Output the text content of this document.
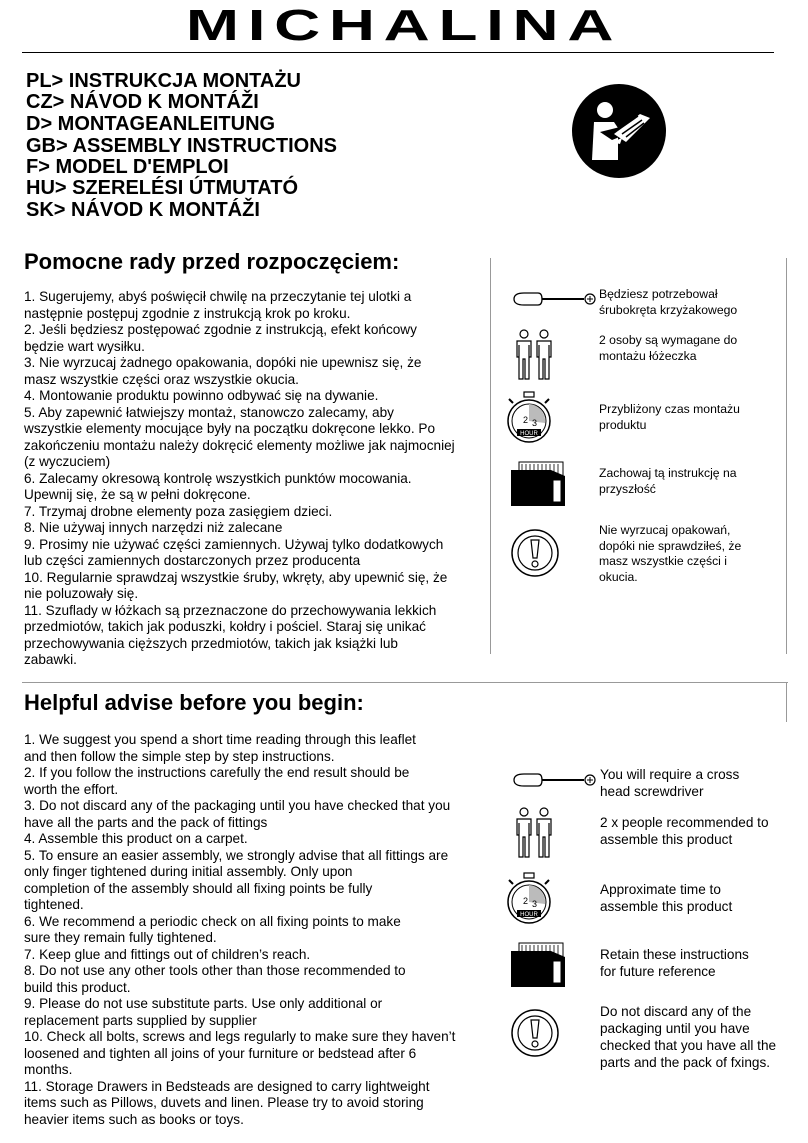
MICHALINA
PL> INSTRUKCJA MONTAŻU
CZ> NÁVOD K MONTÁŽI
D> MONTAGEANLEITUNG
GB> ASSEMBLY INSTRUCTIONS
F> MODEL D'EMPLOI
HU> SZERELÉSI ÚTMUTATÓ
SK> NÁVOD K MONTÁŽI
Pomocne rady przed rozpoczęciem:
1. Sugerujemy, abyś poświęcił chwilę na przeczytanie tej ulotki a
następnie postępuj zgodnie z instrukcją krok po kroku.
2. Jeśli będziesz postępować zgodnie z instrukcją, efekt końcowy
będzie wart wysiłku.
3. Nie wyrzucaj żadnego opakowania, dopóki nie upewnisz się, że
masz wszystkie części oraz wszystkie okucia.
4. Montowanie produktu powinno odbywać się na dywanie.
5. Aby zapewnić łatwiejszy montaż, stanowczo zalecamy, aby
wszystkie elementy mocujące były na początku dokręcone lekko. Po
zakończeniu montażu należy dokręcić elementy możliwe jak najmocniej
(z wyczuciem)
6. Zalecamy okresową kontrolę wszystkich punktów mocowania.
Upewnij się, że są w pełni dokręcone.
7. Trzymaj drobne elementy poza zasięgiem dzieci.
8. Nie używaj innych narzędzi niż zalecane
9. Prosimy nie używać części zamiennych. Używaj tylko dodatkowych
lub części zamiennych dostarczonych przez producenta
10. Regularnie sprawdzaj wszystkie śruby, wkręty, aby upewnić się, że
nie poluzowały się.
11. Szuflady w łóżkach są przeznaczone do przechowywania lekkich
przedmiotów, takich jak poduszki, kołdry i pościel. Staraj się unikać
przechowywania cięższych przedmiotów, takich jak książki lub
zabawki.
Będziesz potrzebował
śrubokręta krzyżakowego
2 osoby są wymagane do
montażu łóżeczka
2 3
HOUR
Przybliżony czas montażu
produktu
Zachowaj tą instrukcję na
przyszłość
Nie wyrzucaj opakowań,
dopóki nie sprawdziłeś, że
masz wszystkie części i
okucia.
Helpful advise before you begin:
1. We suggest you spend a short time reading through this leaflet
and then follow the simple step by step instructions.
2. If you follow the instructions carefully the end result should be
worth the effort.
3. Do not discard any of the packaging until you have checked that you
have all the parts and the pack of fittings
4. Assemble this product on a carpet.
5. To ensure an easier assembly, we strongly advise that all fittings are
only finger tightened during initial assembly. Only upon
completion of the assembly should all fixing points be fully
tightened.
6. We recommend a periodic check on all fixing points to make
sure they remain fully tightened.
7. Keep glue and fittings out of children’s reach.
8. Do not use any other tools other than those recommended to
build this product.
9. Please do not use substitute parts. Use only additional or
replacement parts supplied by supplier
10. Check all bolts, screws and legs regularly to make sure they haven’t
loosened and tighten all joins of your furniture or bedstead after 6
months.
11. Storage Drawers in Bedsteads are designed to carry lightweight
items such as Pillows, duvets and linen. Please try to avoid storing
heavier items such as books or toys.
You will require a cross
head screwdriver
2 x people recommended to
assemble this product
2 3
HOUR
Approximate time to
assemble this product
Retain these instructions
for future reference
Do not discard any of the
packaging until you have
checked that you have all the
parts and the pack of fxings.
